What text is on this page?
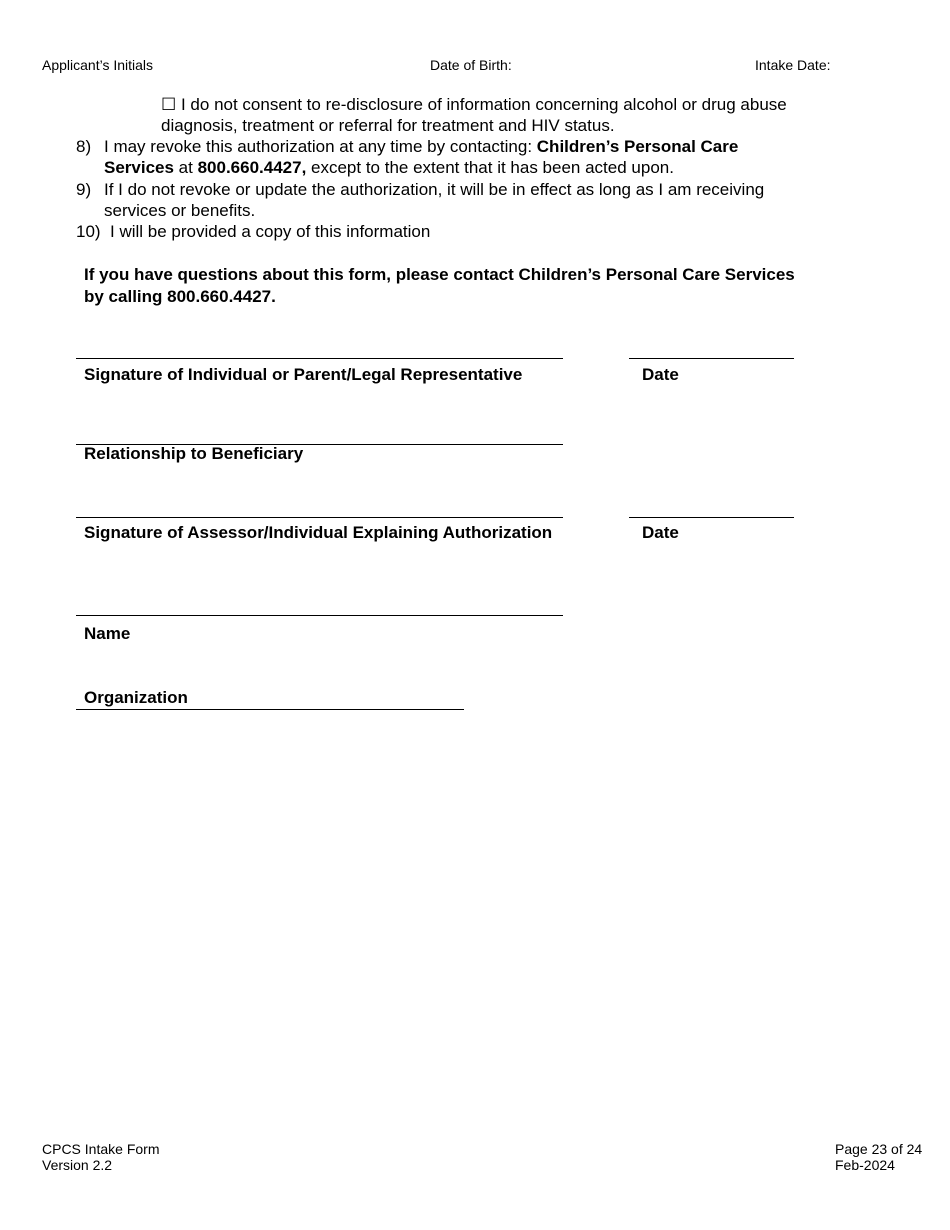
Applicant’s Initials	Date of Birth:	Intake Date:
☐ I do not consent to re-disclosure of information concerning alcohol or drug abuse
diagnosis, treatment or referral for treatment and HIV status.
8) I may revoke this authorization at any time by contacting: Children’s Personal Care
Services at 800.660.4427, except to the extent that it has been acted upon.
9) If I do not revoke or update the authorization, it will be in effect as long as I am receiving
services or benefits.
10) I will be provided a copy of this information
If you have questions about this form, please contact Children’s Personal Care Services
by calling 800.660.4427.
Signature of Individual or Parent/Legal Representative	Date
Relationship to Beneficiary
Signature of Assessor/Individual Explaining Authorization	Date
Name
Organization
CPCS Intake Form
Version 2.2
Page 23 of 24
Feb-2024
